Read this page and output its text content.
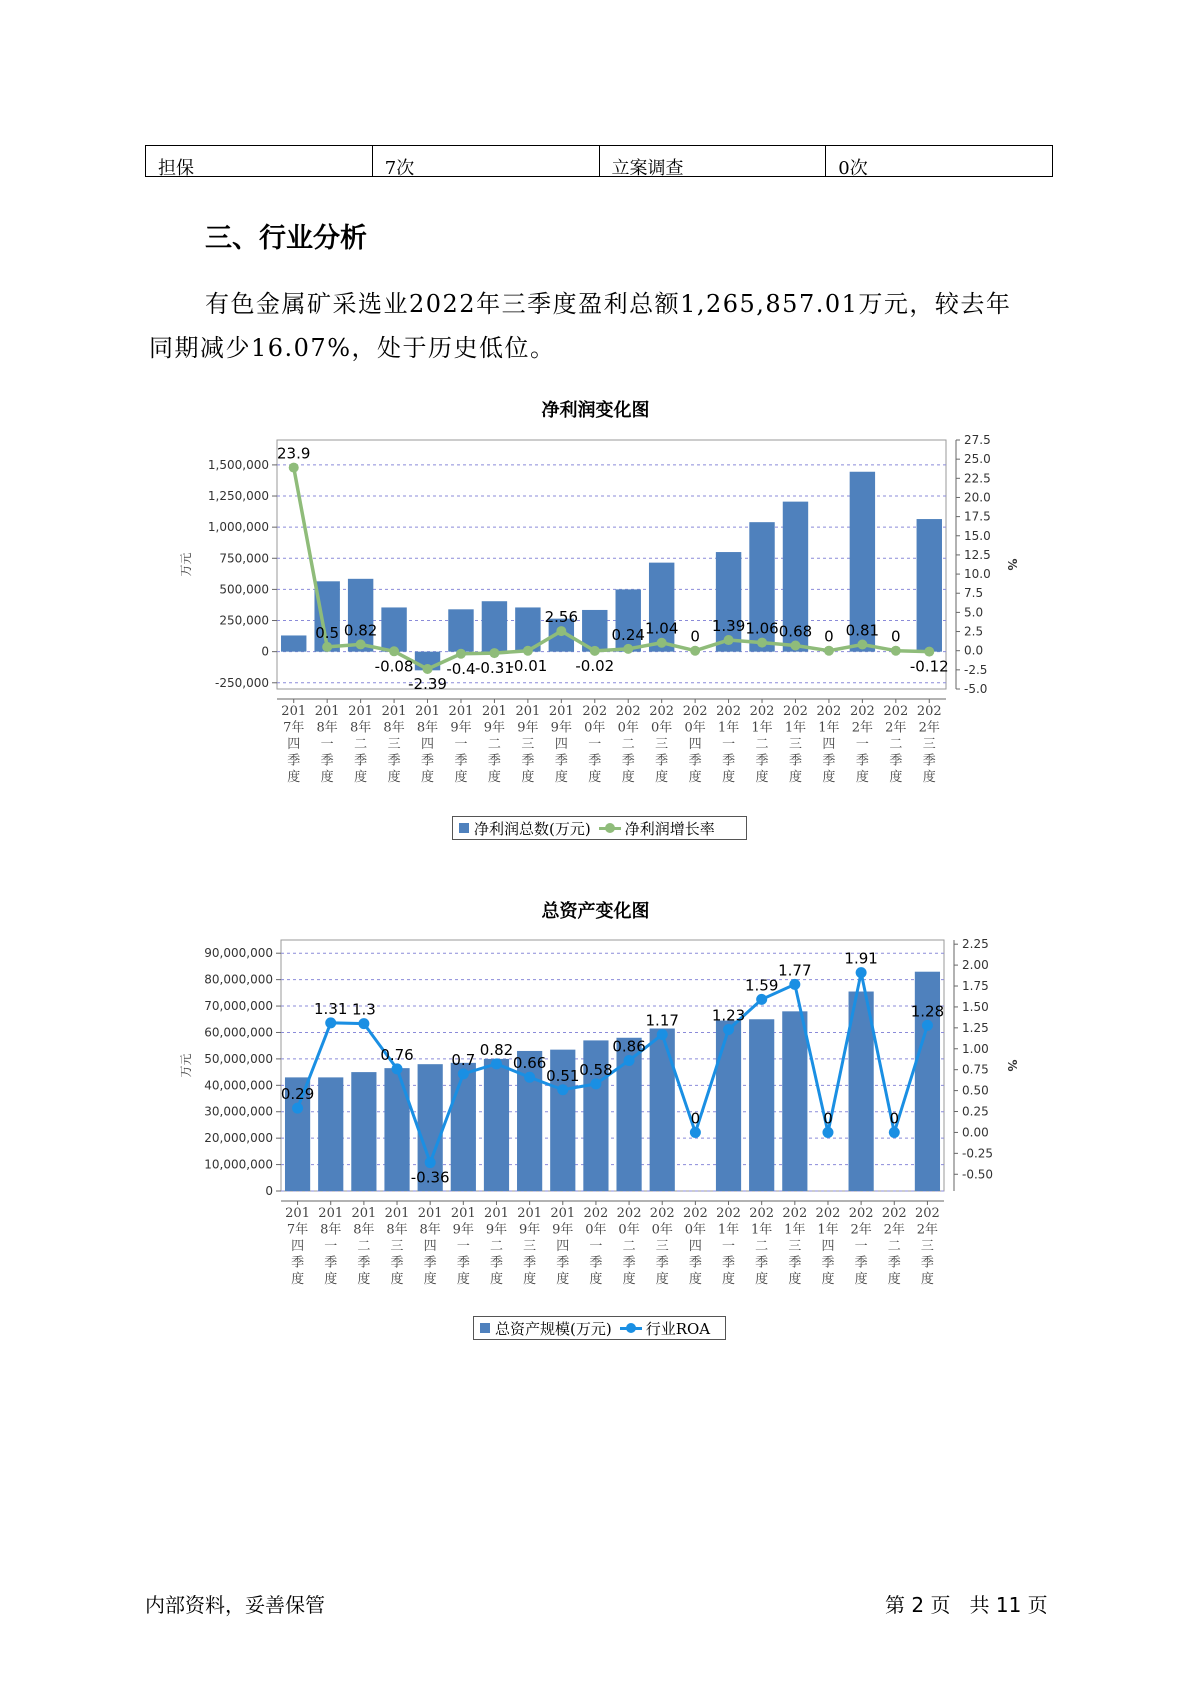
担保	7次	立案调查	0次
三、行业分析
有色金属矿采选业2022年三季度盈利总额1,265,857.01万元，较去年
同期减少16.07%，处于历史低位。
净利润变化图
1,500,000
1,250,000
1,000,000
750,000
500,000
250,000
0
-250,000
27.5
25.0
22.5
20.0
17.5
15.0
12.5
10.0
7.5
5.0
2.5
0.0
-2.5
-5.0
万元	%
201 7年四季度
201 8年一季度
201 8年二季度
201 8年三季度
201 8年四季度
201 9年一季度
201 9年二季度
201 9年三季度
201 9年四季度
202 0年一季度
202 0年二季度
202 0年三季度
202 0年四季度
202 1年一季度
202 1年二季度
202 1年三季度
202 1年四季度
202 2年一季度
202 2年二季度
202 2年三季度
23.9
0.5 0.82
-0.08
-2.39
-0.4 -0.31
-0.01
2.56
-0.02
0.24 1.04 0
1.39 1.06 0.68 0 0.81 0
-0.12
净利润总数(万元) 净利润增长率
总资产变化图
90,000,000
80,000,000
70,000,000
60,000,000
50,000,000
40,000,000
30,000,000
20,000,000
10,000,000
0
2.25
2.00
1.75
1.50
1.25
1.00
0.75
0.50
0.25
0.00
-0.25
-0.50
万元	%
201 7年四季度
201 8年一季度
201 8年二季度
201 8年三季度
201 8年四季度
201 9年一季度
201 9年二季度
201 9年三季度
201 9年四季度
202 0年一季度
202 0年二季度
202 0年三季度
202 0年四季度
202 1年一季度
202 1年二季度
202 1年三季度
202 1年四季度
202 2年一季度
202 2年二季度
202 2年三季度
0.29
1.31 1.3
0.76
-0.36
0.7
0.82
0.66
0.51 0.58
0.86
1.17
0
1.23
1.59
1.77
0
1.91
0
1.28
总资产规模(万元) 行业ROA
内部资料，妥善保管	第 2 页   共 11 页
